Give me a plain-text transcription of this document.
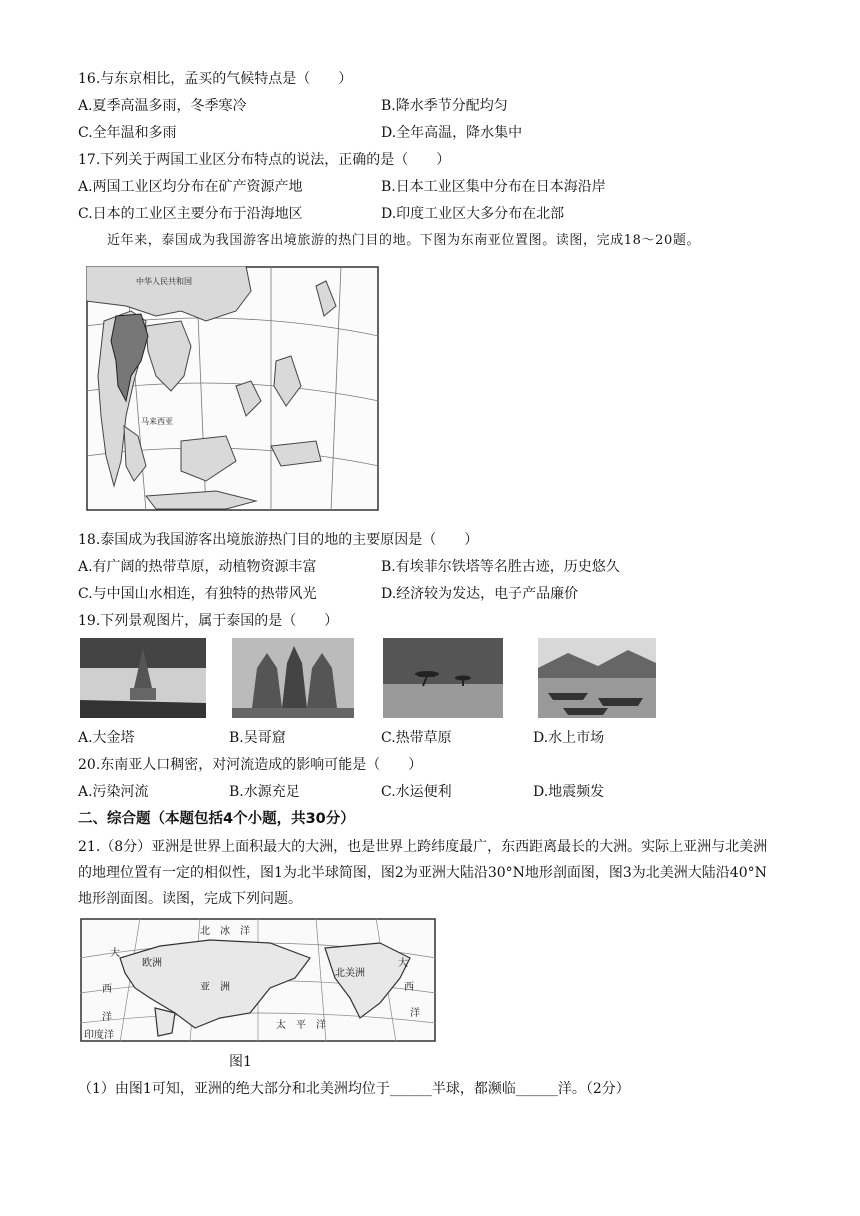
16.与东京相比，孟买的气候特点是（　　）
A.夏季高温多雨，冬季寒冷	B.降水季节分配均匀
C.全年温和多雨	D.全年高温，降水集中
17.下列关于两国工业区分布特点的说法，正确的是（　　）
A.两国工业区均分布在矿产资源产地	B.日本工业区集中分布在日本海沿岸
C.日本的工业区主要分布于沿海地区	D.印度工业区大多分布在北部
近年来，泰国成为我国游客出境旅游的热门目的地。下图为东南亚位置图。读图，完成18～20题。
中华人民共和国
马来西亚
18.泰国成为我国游客出境旅游热门目的地的主要原因是（　　）
A.有广阔的热带草原，动植物资源丰富	B.有埃菲尔铁塔等名胜古迹，历史悠久
C.与中国山水相连，有独特的热带风光	D.经济较为发达，电子产品廉价
19.下列景观图片，属于泰国的是（　　）
A.大金塔	B.吴哥窟	C.热带草原	D.水上市场
20.东南亚人口稠密，对河流造成的影响可能是（　　）
A.污染河流	B.水源充足	C.水运便利	D.地震频发
二、综合题（本题包括4个小题，共30分）
21.（8分）亚洲是世界上面积最大的大洲，也是世界上跨纬度最广，东西距离最长的大洲。实际上亚洲与北美洲的地理位置有一定的相似性，图1为北半球简图，图2为亚洲大陆沿30°N地形剖面图，图3为北美洲大陆沿40°N地形剖面图。读图，完成下列问题。
北　冰　洋
欧洲
亚　洲
北美洲
太　平　洋
印度洋
大
西
洋
大
西
洋
图1
（1）由图1可知，亚洲的绝大部分和北美洲均位于______半球，都濒临______洋。（2分）
